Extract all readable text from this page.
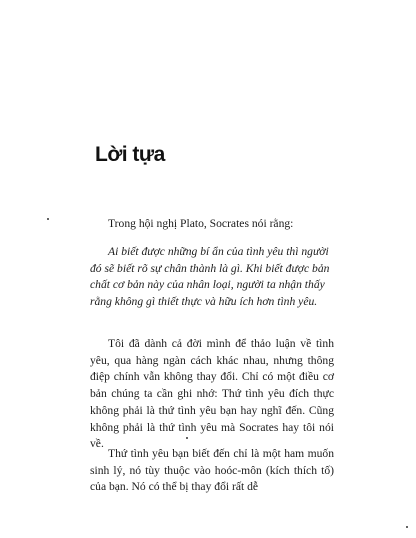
Lời tựa

Trong hội nghị Plato, Socrates nói rằng:

Ai biết được những bí ẩn của tình yêu thì người đó sẽ biết rõ sự chân thành là gì. Khi biết được bản chất cơ bản này của nhân loại, người ta nhận thấy rằng không gì thiết thực và hữu ích hơn tình yêu.

Tôi đã dành cả đời mình để thảo luận về tình yêu, qua hàng ngàn cách khác nhau, nhưng thông điệp chính vẫn không thay đổi. Chỉ có một điều cơ bản chúng ta cần ghi nhớ: Thứ tình yêu đích thực không phải là thứ tình yêu bạn hay nghĩ đến. Cũng không phải là thứ tình yêu mà Socrates hay tôi nói về.

Thứ tình yêu bạn biết đến chỉ là một ham muốn sinh lý, nó tùy thuộc vào hoóc-môn (kích thích tố) của bạn. Nó có thể bị thay đổi rất dễ
